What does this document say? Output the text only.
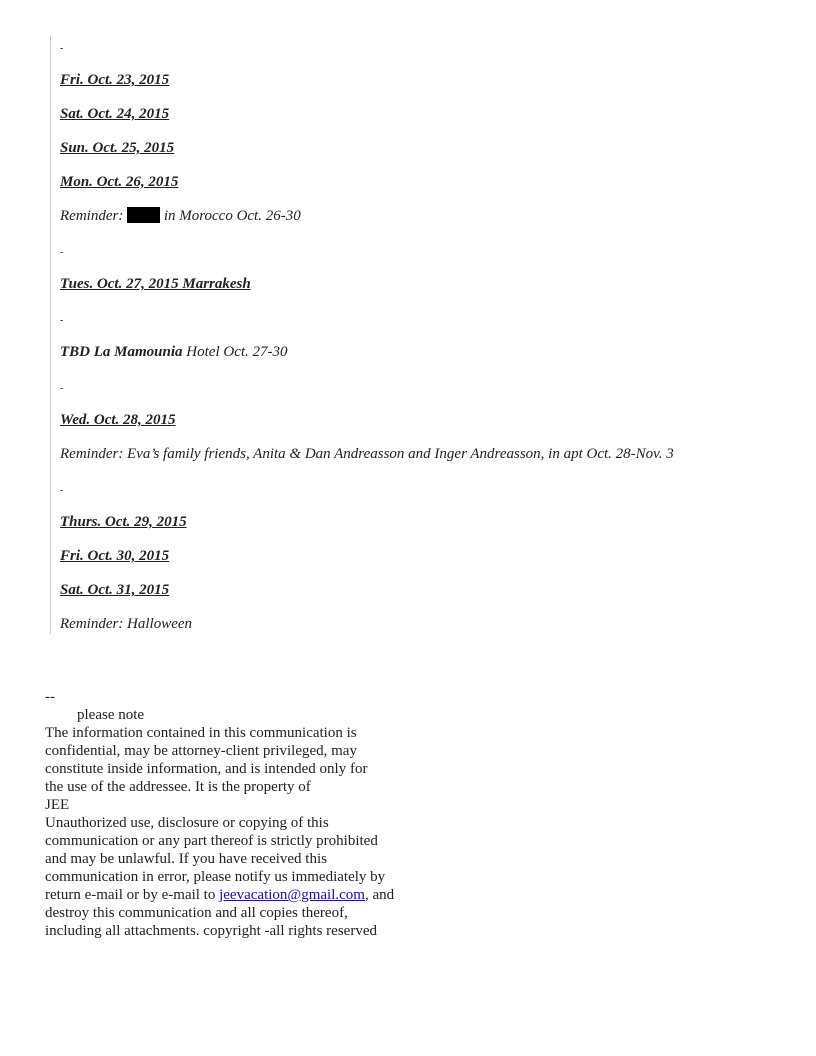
-
Fri. Oct. 23, 2015
Sat. Oct. 24, 2015
Sun. Oct. 25, 2015
Mon. Oct. 26, 2015
Reminder:	in Morocco Oct. 26-30
-
Tues. Oct. 27, 2015 Marrakesh
-
TBD La Mamounia Hotel Oct. 27-30
-
Wed. Oct. 28, 2015
Reminder: Eva’s family friends, Anita & Dan Andreasson and Inger Andreasson, in apt Oct. 28-Nov. 3
-
Thurs. Oct. 29, 2015
Fri. Oct. 30, 2015
Sat. Oct. 31, 2015
Reminder: Halloween
--
please note
The information contained in this communication is
confidential, may be attorney-client privileged, may
constitute inside information, and is intended only for
the use of the addressee. It is the property of
JEE
Unauthorized use, disclosure or copying of this
communication or any part thereof is strictly prohibited
and may be unlawful. If you have received this
communication in error, please notify us immediately by
return e-mail or by e-mail to jeevacation@gmail.com, and
destroy this communication and all copies thereof,
including all attachments. copyright -all rights reserved
